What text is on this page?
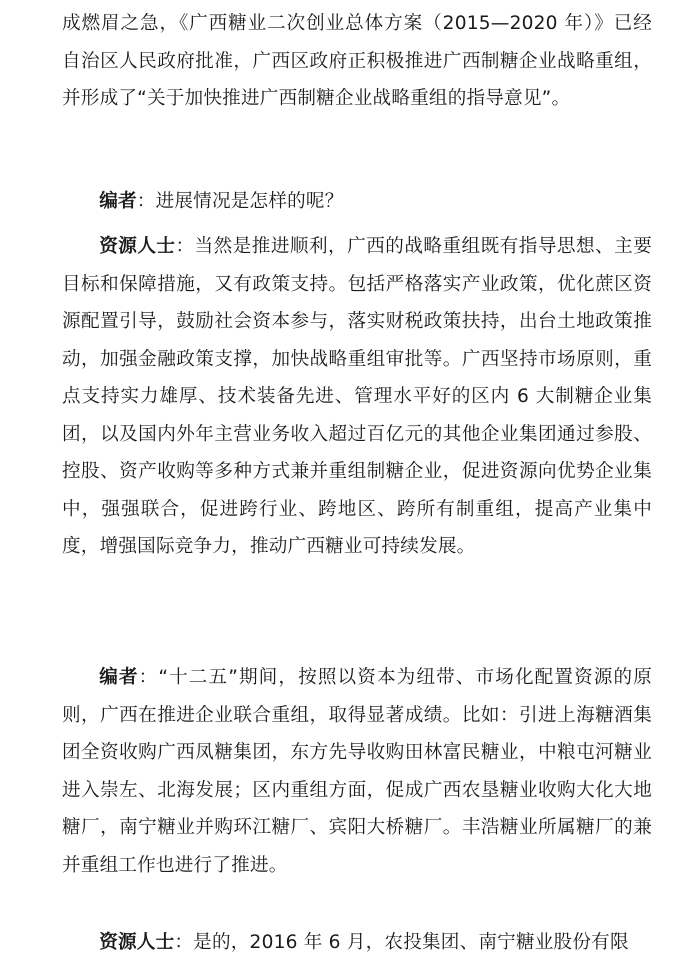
成燃眉之急，《广西糖业二次创业总体方案（2015—2020 年）》已经自治区人民政府批准，广西区政府正积极推进广西制糖企业战略重组，并形成了“关于加快推进广西制糖企业战略重组的指导意见”。

编者：进展情况是怎样的呢？

资源人士：当然是推进顺利，广西的战略重组既有指导思想、主要目标和保障措施，又有政策支持。包括严格落实产业政策，优化蔗区资源配置引导，鼓励社会资本参与，落实财税政策扶持，出台土地政策推动，加强金融政策支撑，加快战略重组审批等。广西坚持市场原则，重点支持实力雄厚、技术装备先进、管理水平好的区内 6 大制糖企业集团，以及国内外年主营业务收入超过百亿元的其他企业集团通过参股、控股、资产收购等多种方式兼并重组制糖企业，促进资源向优势企业集中，强强联合，促进跨行业、跨地区、跨所有制重组，提高产业集中度，增强国际竞争力，推动广西糖业可持续发展。

编者：“十二五”期间，按照以资本为纽带、市场化配置资源的原则，广西在推进企业联合重组，取得显著成绩。比如：引进上海糖酒集团全资收购广西凤糖集团，东方先导收购田林富民糖业，中粮屯河糖业进入崇左、北海发展；区内重组方面，促成广西农垦糖业收购大化大地糖厂，南宁糖业并购环江糖厂、宾阳大桥糖厂。丰浩糖业所属糖厂的兼并重组工作也进行了推进。

资源人士：是的，2016 年 6 月，农投集团、南宁糖业股份有限
